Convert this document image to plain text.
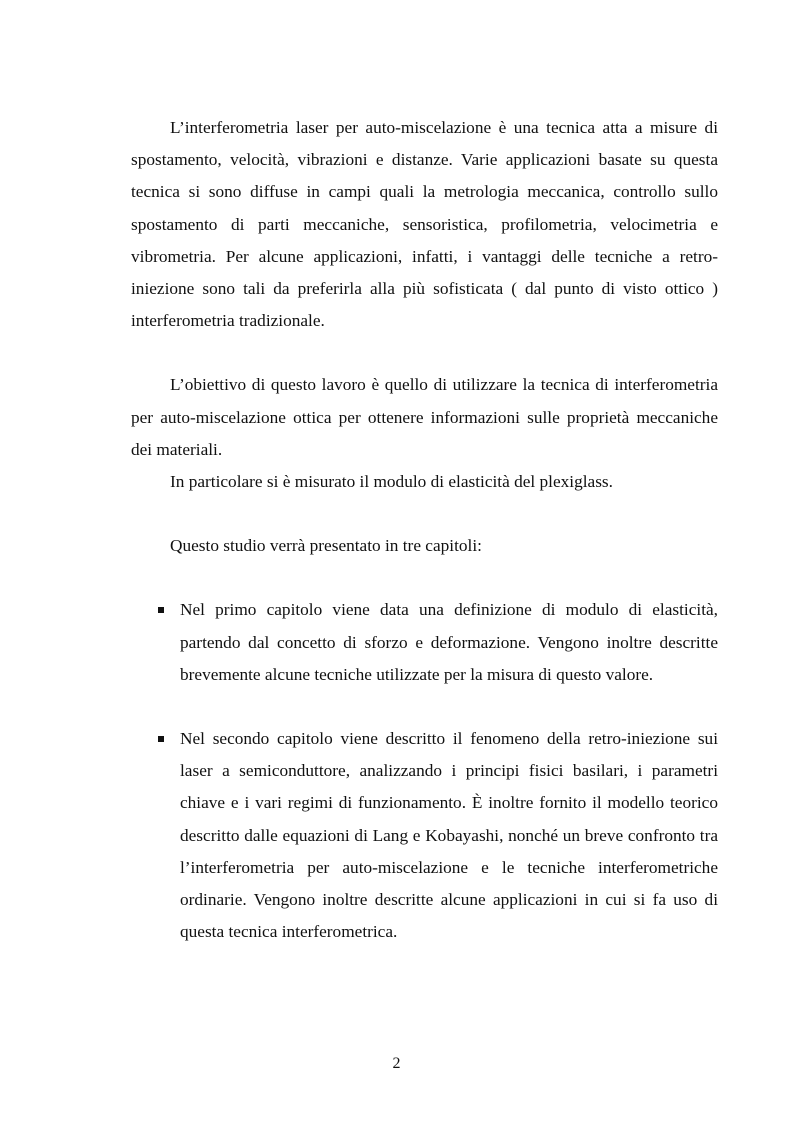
L’interferometria laser per auto-miscelazione è una tecnica atta a misure di spostamento, velocità, vibrazioni e distanze. Varie applicazioni basate su questa tecnica si sono diffuse in campi quali la metrologia meccanica, controllo sullo spostamento di parti meccaniche, sensoristica, profilometria, velocimetria e vibrometria. Per alcune applicazioni, infatti, i vantaggi delle tecniche a retro-iniezione sono tali da preferirla alla più sofisticata ( dal punto di visto ottico ) interferometria tradizionale.

L’obiettivo di questo lavoro è quello di utilizzare la tecnica di interferometria per auto-miscelazione ottica per ottenere informazioni sulle proprietà meccaniche dei materiali.

In particolare si è misurato il modulo di elasticità del plexiglass.

Questo studio verrà presentato in tre capitoli:

Nel primo capitolo viene data una definizione di modulo di elasticità, partendo dal concetto di sforzo e deformazione. Vengono inoltre descritte brevemente alcune tecniche utilizzate per la misura di questo valore.
Nel secondo capitolo viene descritto il fenomeno della retro-iniezione sui laser a semiconduttore, analizzando i principi fisici basilari, i parametri chiave e i vari regimi di funzionamento. È inoltre fornito il modello teorico descritto dalle equazioni di Lang e Kobayashi, nonché un breve confronto tra l’interferometria per auto-miscelazione e le tecniche interferometriche ordinarie. Vengono inoltre descritte alcune applicazioni in cui si fa uso di questa tecnica interferometrica.
2
